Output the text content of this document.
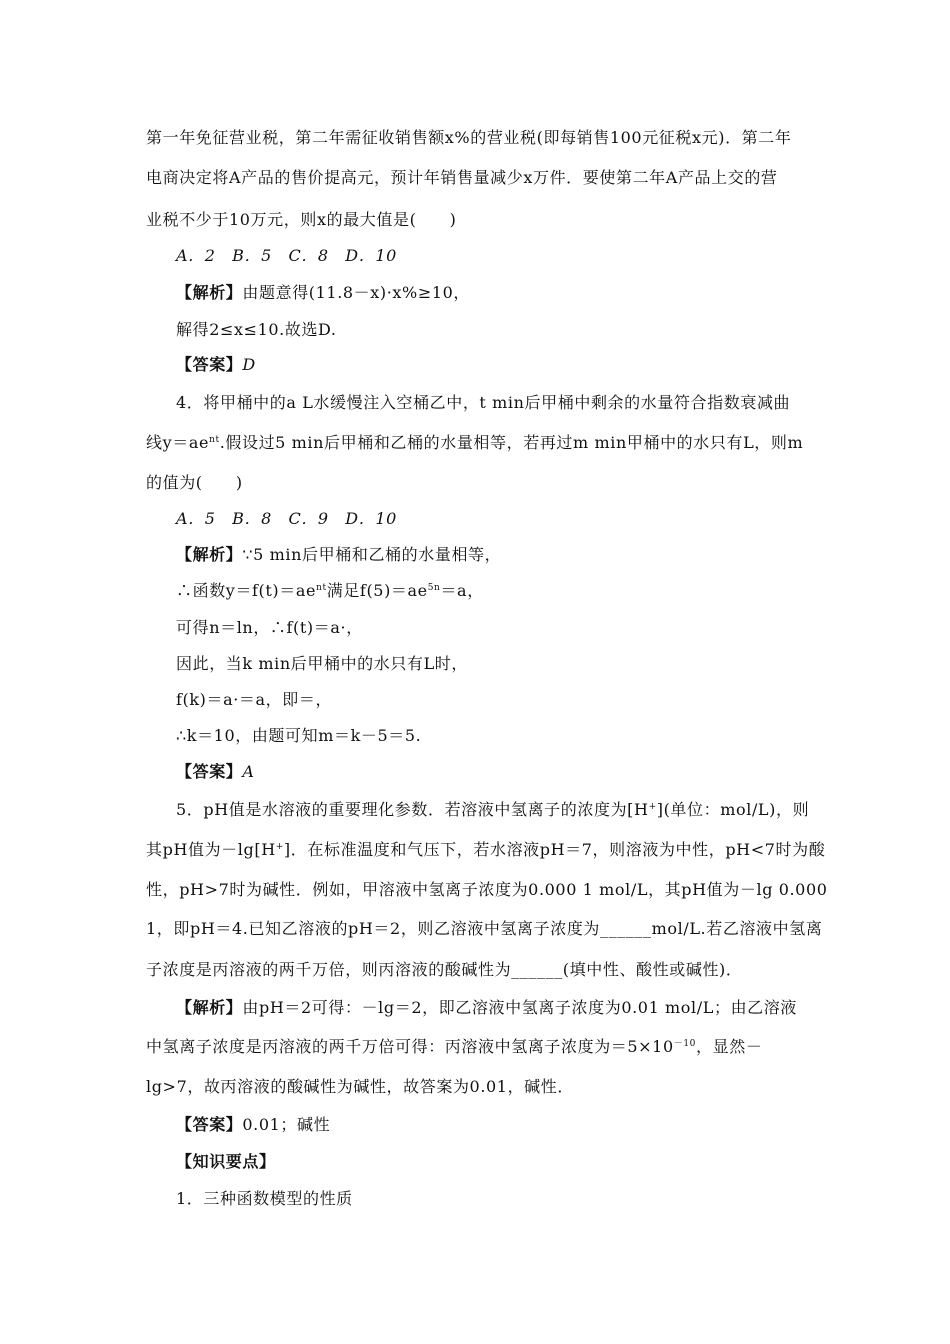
第一年免征营业税，第二年需征收销售额x%的营业税(即每销售100元征税x元)．第二年
电商决定将A产品的售价提高元，预计年销售量减少x万件．要使第二年A产品上交的营
业税不少于10万元，则x的最大值是(　　)
A．2　B．5　C．8　D．10
【解析】由题意得(11.8－x)·x%≥10，
解得2≤x≤10.故选D.
【答案】D
4．将甲桶中的a L水缓慢注入空桶乙中，t min后甲桶中剩余的水量符合指数衰减曲
线$y=ae^{nt}$.假设过5 min后甲桶和乙桶的水量相等，若再过m min甲桶中的水只有L，则m
的值为(　　)
A．5　B．8　C．9　D．10
【解析】∵5 min后甲桶和乙桶的水量相等，
∴函数$y=f(t)=ae^{nt}$满足$f(5)=ae^{5n}=a$，
可得n＝ln，∴f(t)＝a·，
因此，当k min后甲桶中的水只有L时，
f(k)＝a·＝a，即＝，
∴k＝10，由题可知m＝k－5＝5.
【答案】A
5．pH值是水溶液的重要理化参数．若溶液中氢离子的浓度为[H+](单位：mol/L)，则
其pH值为－lg[H+]．在标准温度和气压下，若水溶液pH＝7，则溶液为中性，pH<7时为酸
性，pH>7时为碱性．例如，甲溶液中氢离子浓度为0.000 1 mol/L，其pH值为－lg 0.000
1，即pH＝4.已知乙溶液的pH＝2，则乙溶液中氢离子浓度为______mol/L.若乙溶液中氢离
子浓度是丙溶液的两千万倍，则丙溶液的酸碱性为______(填中性、酸性或碱性)．
【解析】由pH＝2可得：－lg＝2，即乙溶液中氢离子浓度为0.01 mol/L；由乙溶液
中氢离子浓度是丙溶液的两千万倍可得：丙溶液中氢离子浓度为$=5\times 10^{-10}$，显然－
lg>7，故丙溶液的酸碱性为碱性，故答案为0.01，碱性．
【答案】0.01；碱性
【知识要点】
1．三种函数模型的性质
